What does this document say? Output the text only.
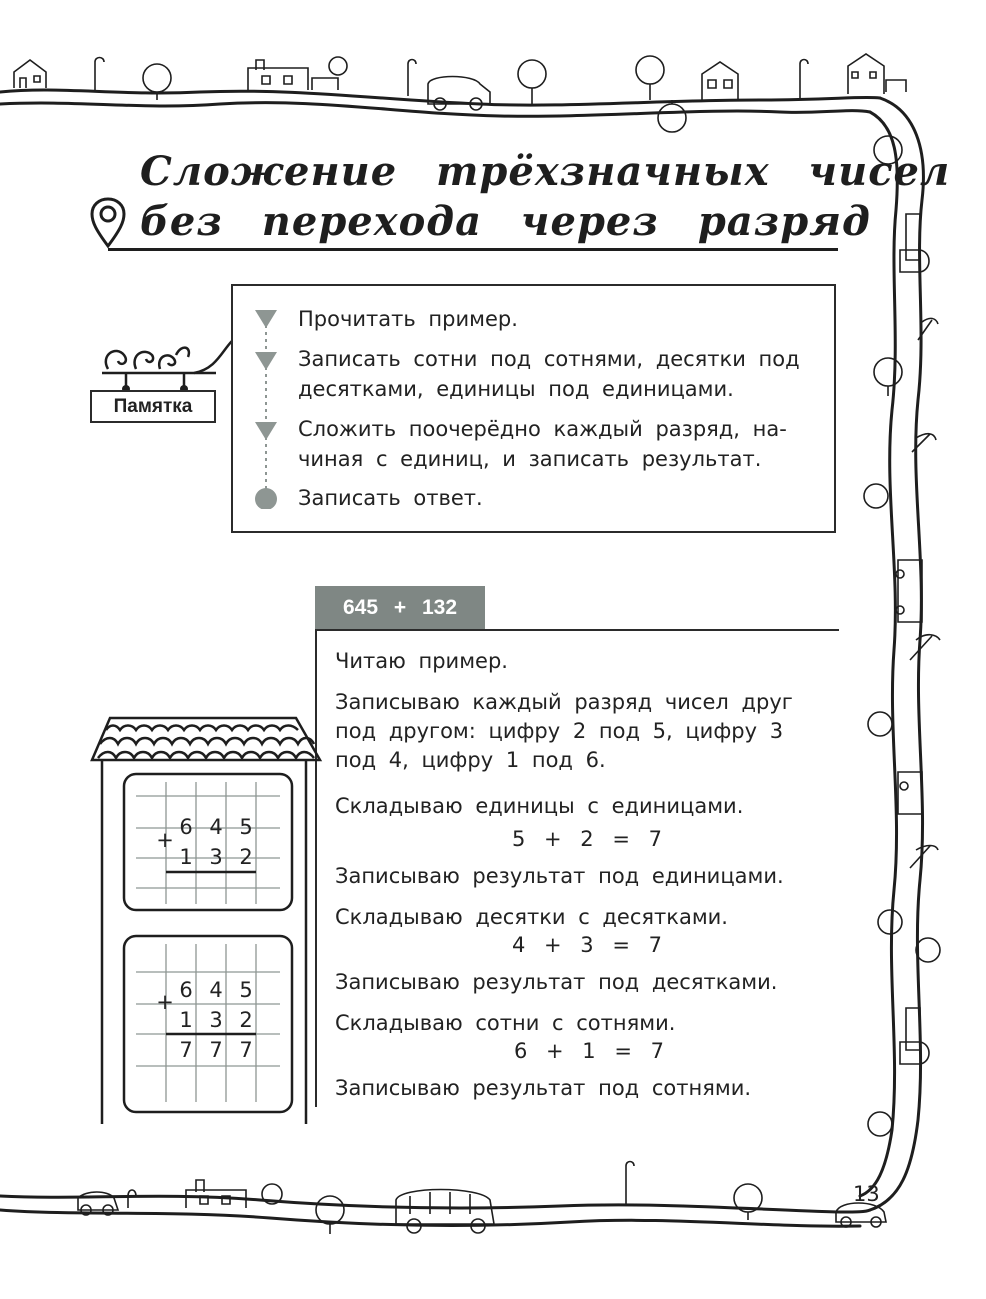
Сложение трёхзначных чисел
без перехода через разряд
Памятка
Прочитать пример.
Записать сотни под сотнями, десятки под
десятками, единицы под единицами.
Сложить поочерёдно каждый разряд, на-
чиная с единиц, и записать результат.
Записать ответ.
645 + 132
+
6 4 5
1 3 2
+ 6 4 5
1 3 2
7 7 7
Читаю пример.
Записываю каждый разряд чисел друг
под другом: цифру 2 под 5, цифру 3
под 4, цифру 1 под 6.
Складываю единицы с единицами.
5 + 2 = 7
Записываю результат под единицами.
Складываю десятки с десятками.
4 + 3 = 7
Записываю результат под десятками.
Складываю сотни с сотнями.
6 + 1 = 7
Записываю результат под сотнями.
13
